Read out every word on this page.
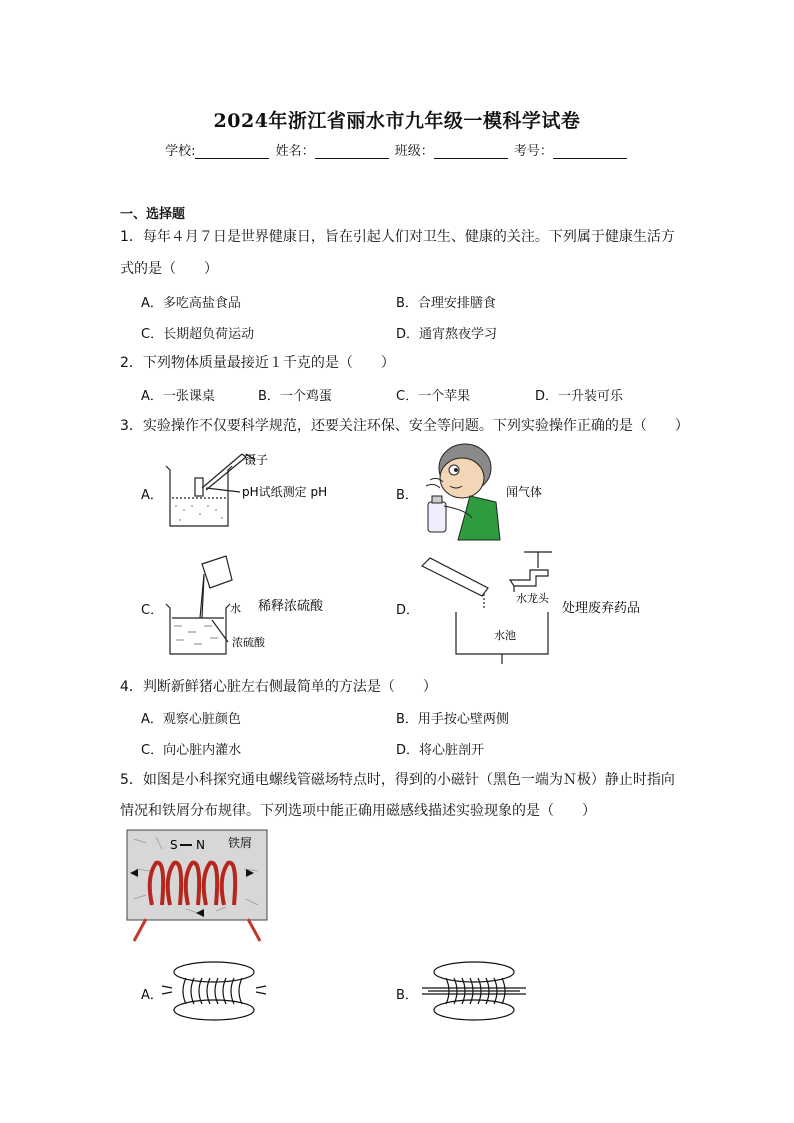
2024年浙江省丽水市九年级一模科学试卷
学校:	姓名：	班级：	考号：
一、选择题
1．每年４月７日是世界健康日，旨在引起人们对卫生、健康的关注。下列属于健康生活方
式的是（　　）
A．多吃高盐食品	B．合理安排膳食
C．长期超负荷运动	D．通宵熬夜学习
2．下列物体质量最接近１千克的是（　　）
A．一张课桌	B．一个鸡蛋	C．一个苹果	D．一升装可乐
3．实验操作不仅要科学规范，还要关注环保、安全等问题。下列实验操作正确的是（　　）
A．	B．
C．	D．
镊子
pH试纸测定 pH	闻气体
水
浓硫酸
稀释浓硫酸
水龙头
水池
处理废弃药品
4．判断新鲜猪心脏左右侧最简单的方法是（　　）
A．观察心脏颜色	B．用手按心壁两侧
C．向心脏内灌水	D．将心脏剖开
5．如图是小科探究通电螺线管磁场特点时，得到的小磁针（黑色一端为Ｎ极）静止时指向
情况和铁屑分布规律。下列选项中能正确用磁感线描述实验现象的是（　　）
S N 铁屑
A．	B．
